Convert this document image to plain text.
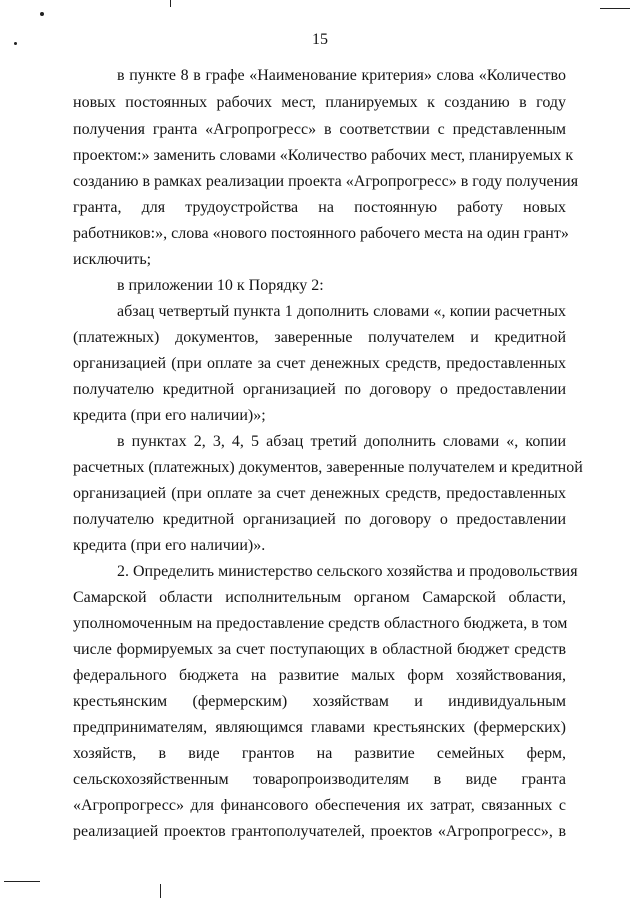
15
в пункте 8 в графе «Наименование критерия» слова «Количество
новых постоянных рабочих мест, планируемых к созданию в году
получения гранта «Агропрогресс» в соответствии с представленным
проектом:» заменить словами «Количество рабочих мест, планируемых к
созданию в рамках реализации проекта «Агропрогресс» в году получения
гранта, для трудоустройства на постоянную работу новых
работников:», слова «нового постоянного рабочего места на один грант»
исключить;
в приложении 10 к Порядку 2:
абзац четвертый пункта 1 дополнить словами «, копии расчетных
(платежных) документов, заверенные получателем и кредитной
организацией (при оплате за счет денежных средств, предоставленных
получателю кредитной организацией по договору о предоставлении
кредита (при его наличии)»;
в пунктах 2, 3, 4, 5 абзац третий дополнить словами «, копии
расчетных (платежных) документов, заверенные получателем и кредитной
организацией (при оплате за счет денежных средств, предоставленных
получателю кредитной организацией по договору о предоставлении
кредита (при его наличии)».
2. Определить министерство сельского хозяйства и продовольствия
Самарской области исполнительным органом Самарской области,
уполномоченным на предоставление средств областного бюджета, в том
числе формируемых за счет поступающих в областной бюджет средств
федерального бюджета на развитие малых форм хозяйствования,
крестьянским (фермерским) хозяйствам и индивидуальным
предпринимателям, являющимся главами крестьянских (фермерских)
хозяйств, в виде грантов на развитие семейных ферм,
сельскохозяйственным товаропроизводителям в виде гранта
«Агропрогресс» для финансового обеспечения их затрат, связанных с
реализацией проектов грантополучателей, проектов «Агропрогресс», в
